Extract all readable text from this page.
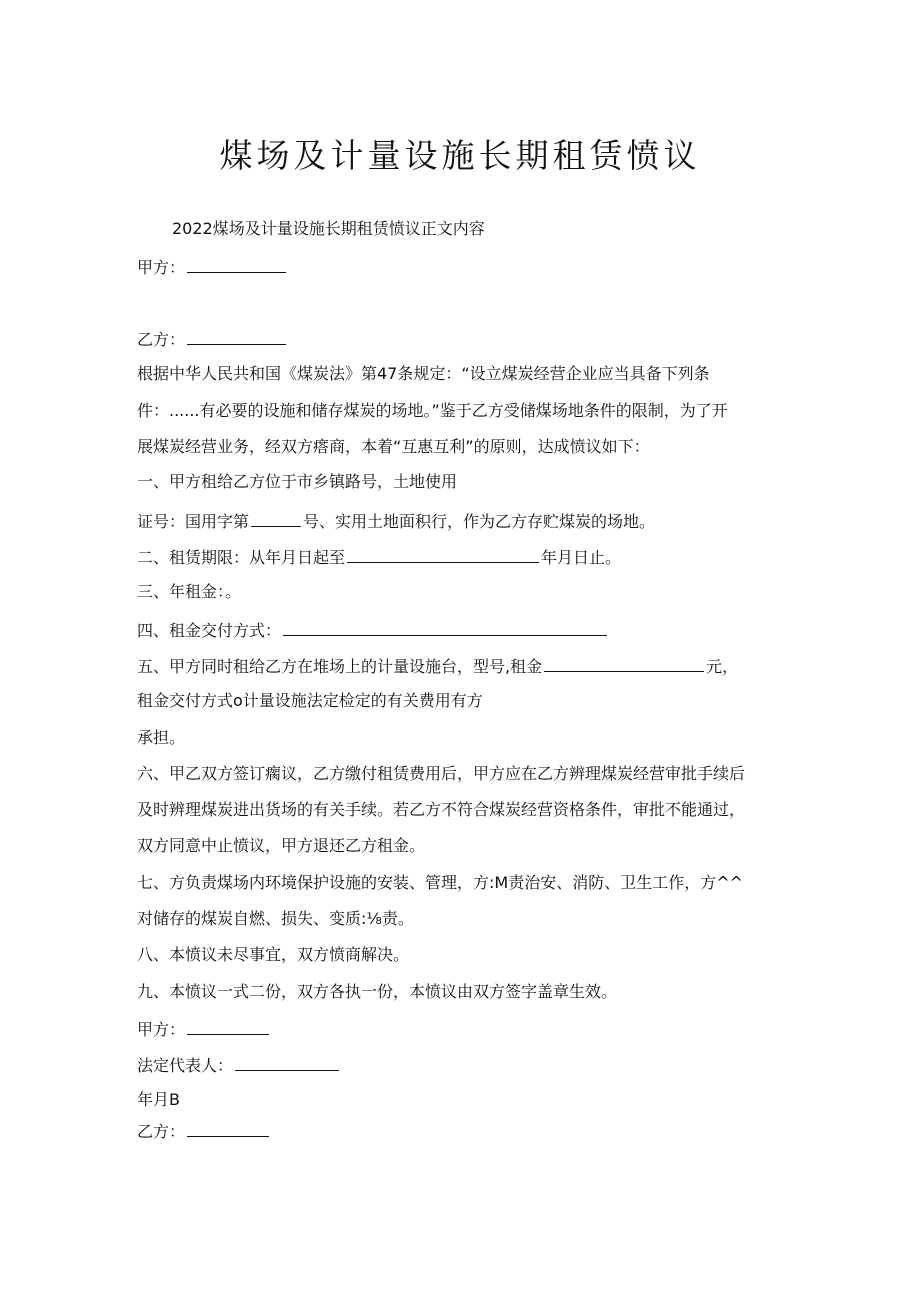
煤场及计量设施长期租赁愤议
2022煤场及计量设施长期租赁愤议正文内容
甲方：
乙方：
根据中华人民共和国《煤炭法》第47条规定：“设立煤炭经营企业应当具备下列条
件：......有必要的设施和储存煤炭的场地。”鉴于乙方受储煤场地条件的限制，为了开
展煤炭经营业务，经双方瘩商，本着“互惠互利”的原则，达成愤议如下：
一、甲方租给乙方位于市乡镇路号，土地使用
证号：国用字第	号、实用土地面积行，作为乙方存贮煤炭的场地。
二、租赁期限：从年月日起至	年月日止。
三、年租金：。
四、租金交付方式：
五、甲方同时租给乙方在堆场上的计量设施台，型号,租金	元，
租金交付方式o计量设施法定检定的有关费用有方
承担。
六、甲乙双方签订瘸议，乙方缴付租赁费用后，甲方应在乙方辨理煤炭经营审批手续后
及时辨理煤炭进出货场的有关手续。若乙方不符合煤炭经营资格条件，审批不能通过，
双方同意中止愤议，甲方退还乙方租金。
七、方负责煤场内环境保护设施的安装、管理，方:M责治安、消防、卫生工作，方^^
对储存的煤炭自燃、损失、变质:⅛责。
八、本愤议未尽事宜，双方愤商解决。
九、本愤议一式二份，双方各执一份，本愤议由双方签字盖章生效。
甲方：
法定代表人：
年月B
乙方：
